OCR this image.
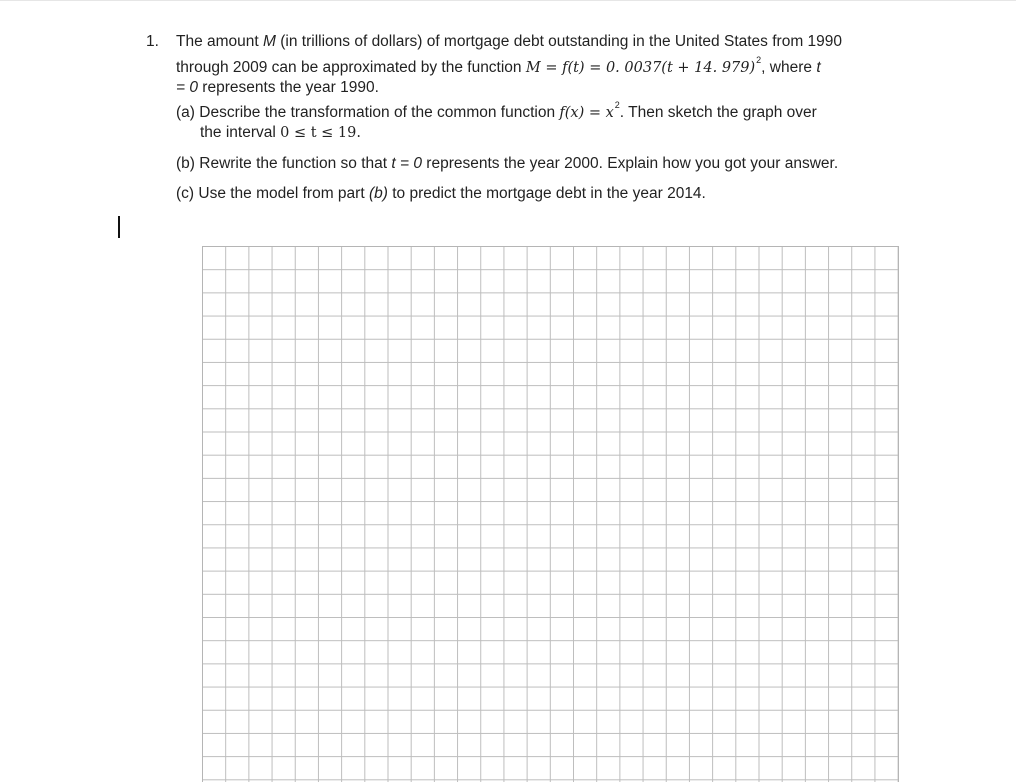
1. The amount M (in trillions of dollars) of mortgage debt outstanding in the United States from 1990
through 2009 can be approximated by the function M = f(t) = 0. 0037(t + 14. 979)$^2$, where t
= 0 represents the year 1990.
(a) Describe the transformation of the common function $f(x) = x^2$. Then sketch the graph over
the interval 0 ≤ t ≤ 19.
(b) Rewrite the function so that t = 0 represents the year 2000. Explain how you got your answer.
(c) Use the model from part (b) to predict the mortgage debt in the year 2014.
